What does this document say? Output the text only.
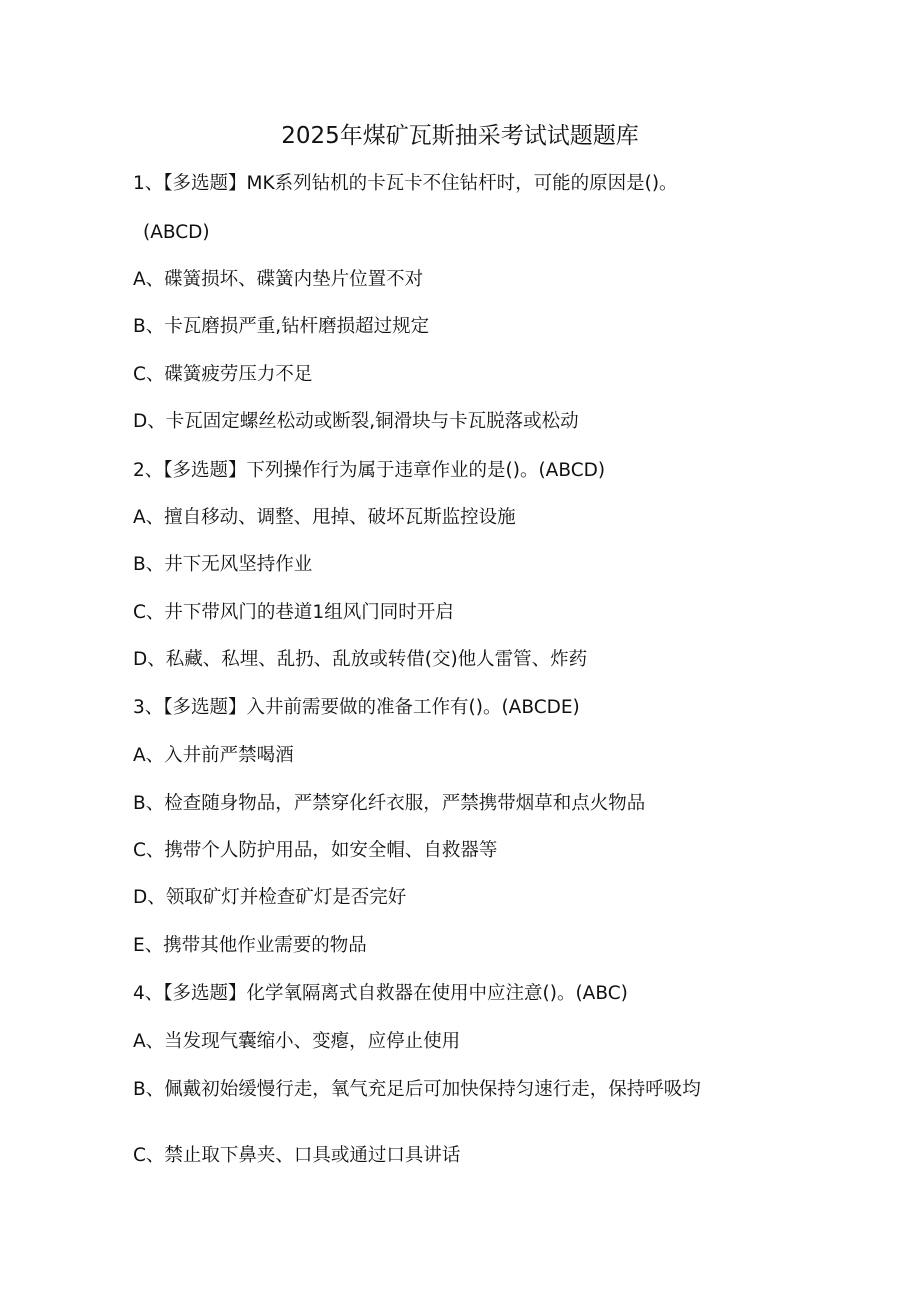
2025年煤矿瓦斯抽采考试试题题库
1、【多选题】MK系列钻机的卡瓦卡不住钻杆时，可能的原因是()。
(ABCD)
A、碟簧损坏、碟簧内垫片位置不对
B、卡瓦磨损严重,钻杆磨损超过规定
C、碟簧疲劳压力不足
D、卡瓦固定螺丝松动或断裂,铜滑块与卡瓦脱落或松动
2、【多选题】下列操作行为属于违章作业的是()。(ABCD)
A、擅自移动、调整、甩掉、破坏瓦斯监控设施
B、井下无风坚持作业
C、井下带风门的巷道1组风门同时开启
D、私藏、私埋、乱扔、乱放或转借(交)他人雷管、炸药
3、【多选题】入井前需要做的准备工作有()。(ABCDE)
A、入井前严禁喝酒
B、检查随身物品，严禁穿化纤衣服，严禁携带烟草和点火物品
C、携带个人防护用品，如安全帽、自救器等
D、领取矿灯并检查矿灯是否完好
E、携带其他作业需要的物品
4、【多选题】化学氧隔离式自救器在使用中应注意()。(ABC)
A、当发现气囊缩小、变瘪，应停止使用
B、佩戴初始缓慢行走，氧气充足后可加快保持匀速行走，保持呼吸均
C、禁止取下鼻夹、口具或通过口具讲话
